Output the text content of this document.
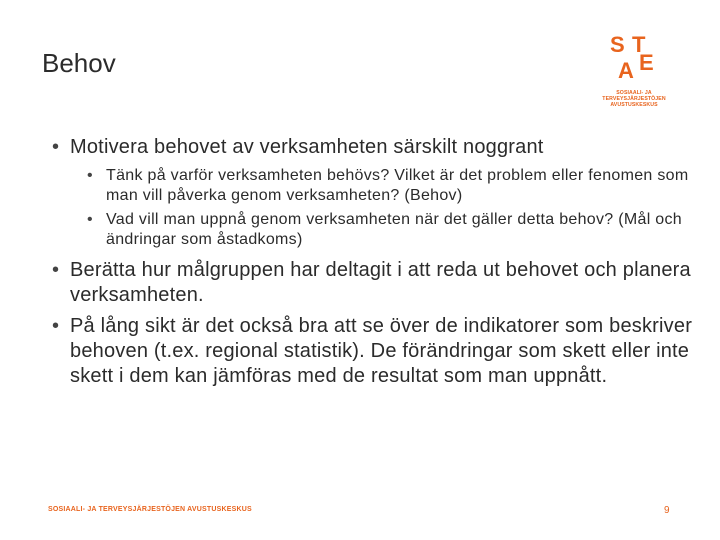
Behov
S T
A E
SOSIAALI- JA
TERVEYSJÄRJESTÖJEN
AVUSTUSKESKUS
• Motivera behovet av verksamheten särskilt noggrant
• Tänk på varför verksamheten behövs? Vilket är det problem eller fenomen som man vill påverka genom verksamheten? (Behov)
• Vad vill man uppnå genom verksamheten när det gäller detta behov? (Mål och ändringar som åstadkoms)
• Berätta hur målgruppen har deltagit i att reda ut behovet och planera verksamheten.
• På lång sikt är det också bra att se över de indikatorer som beskriver behoven (t.ex. regional statistik). De förändringar som skett eller inte skett i dem kan jämföras med de resultat som man uppnått.
SOSIAALI- JA TERVEYSJÄRJESTÖJEN AVUSTUSKESKUS	9
